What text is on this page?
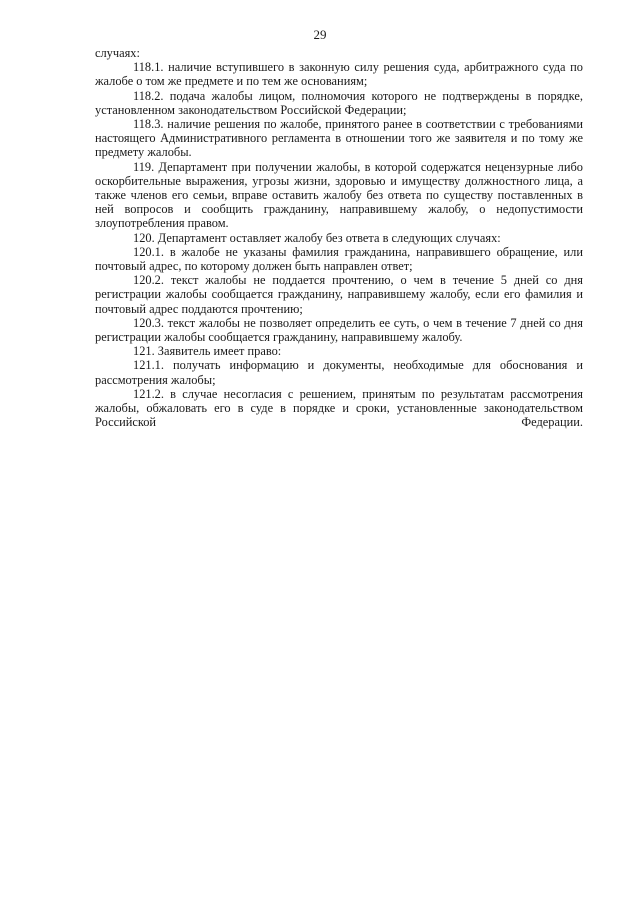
29

случаях:

118.1. наличие вступившего в законную силу решения суда, арбитражного суда по жалобе о том же предмете и по тем же основаниям;

118.2. подача жалобы лицом, полномочия которого не подтверждены в порядке, установленном законодательством Российской Федерации;

118.3. наличие решения по жалобе, принятого ранее в соответствии с требованиями настоящего Административного регламента в отношении того же заявителя и по тому же предмету жалобы.

119. Департамент при получении жалобы, в которой содержатся нецензурные либо оскорбительные выражения, угрозы жизни, здоровью и имуществу должностного лица, а также членов его семьи, вправе оставить жалобу без ответа по существу поставленных в ней вопросов и сообщить гражданину, направившему жалобу, о недопустимости злоупотребления правом.

120. Департамент оставляет жалобу без ответа в следующих случаях:

120.1. в жалобе не указаны фамилия гражданина, направившего обращение, или почтовый адрес, по которому должен быть направлен ответ;

120.2. текст жалобы не поддается прочтению, о чем в течение 5 дней со дня регистрации жалобы сообщается гражданину, направившему жалобу, если его фамилия и почтовый адрес поддаются прочтению;

120.3. текст жалобы не позволяет определить ее суть, о чем в течение 7 дней со дня регистрации жалобы сообщается гражданину, направившему жалобу.

121. Заявитель имеет право:

121.1. получать информацию и документы, необходимые для обоснования и рассмотрения жалобы;

121.2. в случае несогласия с решением, принятым по результатам рассмотрения жалобы, обжаловать его в суде в порядке и сроки, установленные законодательством Российской Федерации.
